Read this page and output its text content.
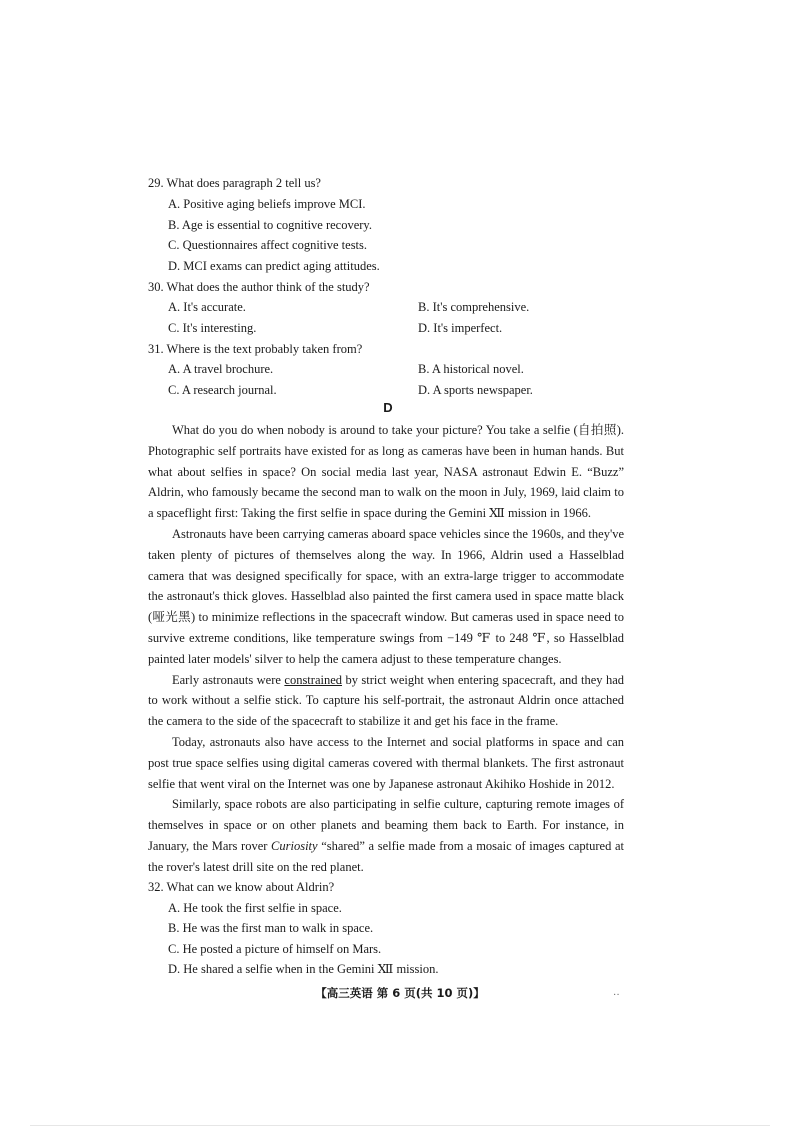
29. What does paragraph 2 tell us?
A. Positive aging beliefs improve MCI.
B. Age is essential to cognitive recovery.
C. Questionnaires affect cognitive tests.
D. MCI exams can predict aging attitudes.
30. What does the author think of the study?
A. It's accurate.	B. It's comprehensive.
C. It's interesting.	D. It's imperfect.
31. Where is the text probably taken from?
A. A travel brochure.	B. A historical novel.
C. A research journal.	D. A sports newspaper.
D

What do you do when nobody is around to take your picture? You take a selfie (自拍照). Photographic self portraits have existed for as long as cameras have been in human hands. But what about selfies in space? On social media last year, NASA astronaut Edwin E. “Buzz” Aldrin, who famously became the second man to walk on the moon in July, 1969, laid claim to a spaceflight first: Taking the first selfie in space during the Gemini Ⅻ mission in 1966.

Astronauts have been carrying cameras aboard space vehicles since the 1960s, and they've taken plenty of pictures of themselves along the way. In 1966, Aldrin used a Hasselblad camera that was designed specifically for space, with an extra-large trigger to accommodate the astronaut's thick gloves. Hasselblad also painted the first camera used in space matte black (哑光黑) to minimize reflections in the spacecraft window. But cameras used in space need to survive extreme conditions, like temperature swings from −149 ℉ to 248 ℉, so Hasselblad painted later models' silver to help the camera adjust to these temperature changes.

Early astronauts were constrained by strict weight when entering spacecraft, and they had to work without a selfie stick. To capture his self-portrait, the astronaut Aldrin once attached the camera to the side of the spacecraft to stabilize it and get his face in the frame.

Today, astronauts also have access to the Internet and social platforms in space and can post true space selfies using digital cameras covered with thermal blankets. The first astronaut selfie that went viral on the Internet was one by Japanese astronaut Akihiko Hoshide in 2012.

Similarly, space robots are also participating in selfie culture, capturing remote images of themselves in space or on other planets and beaming them back to Earth. For instance, in January, the Mars rover Curiosity “shared” a selfie made from a mosaic of images captured at the rover's latest drill site on the red planet.

32. What can we know about Aldrin?
A. He took the first selfie in space.
B. He was the first man to walk in space.
C. He posted a picture of himself on Mars.
D. He shared a selfie when in the Gemini Ⅻ mission.
【高三英语 第 6 页(共 10 页)】	··
